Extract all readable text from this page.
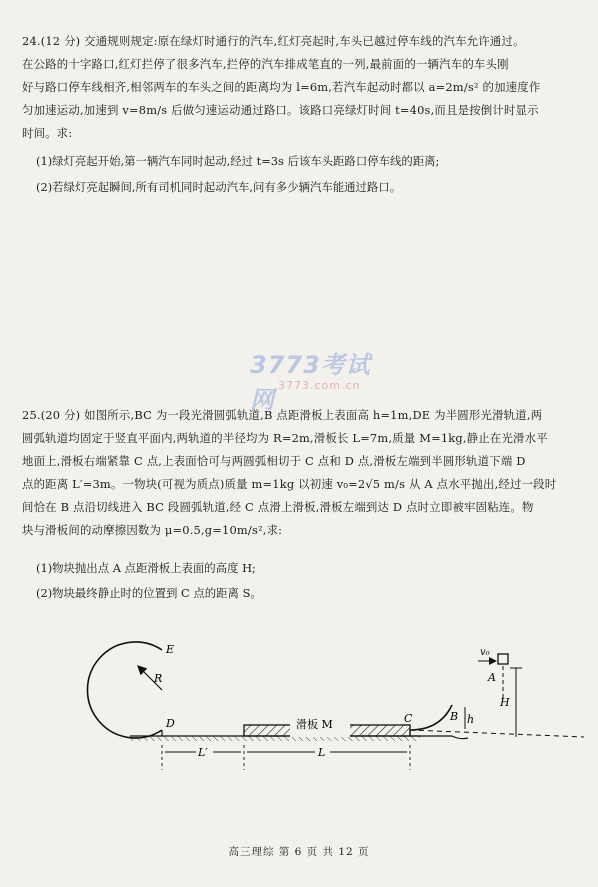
24.(12 分) 交通规则规定:原在绿灯时通行的汽车,红灯亮起时,车头已越过停车线的汽车允许通过。
在公路的十字路口,红灯拦停了很多汽车,拦停的汽车排成笔直的一列,最前面的一辆汽车的车头刚
好与路口停车线相齐,相邻两车的车头之间的距离均为 l=6m,若汽车起动时都以 a=2m/s² 的加速度作
匀加速运动,加速到 v=8m/s 后做匀速运动通过路口。该路口亮绿灯时间 t=40s,而且是按倒计时显示
时间。求:
(1)绿灯亮起开始,第一辆汽车同时起动,经过 t=3s 后该车头距路口停车线的距离;
(2)若绿灯亮起瞬间,所有司机同时起动汽车,问有多少辆汽车能通过路口。
3773考试网
3773.com.cn
25.(20 分) 如图所示,BC 为一段光滑圆弧轨道,B 点距滑板上表面高 h=1m,DE 为半圆形光滑轨道,两
圆弧轨道均固定于竖直平面内,两轨道的半径均为 R=2m,滑板长 L=7m,质量 M=1kg,静止在光滑水平
地面上,滑板右端紧靠 C 点,上表面恰可与两圆弧相切于 C 点和 D 点,滑板左端到半圆形轨道下端 D
点的距离 L′=3m。一物块(可视为质点)质量 m=1kg 以初速 v₀=2√5 m/s 从 A 点水平抛出,经过一段时
间恰在 B 点沿切线进入 BC 段圆弧轨道,经 C 点滑上滑板,滑板左端到达 D 点时立即被牢固粘连。物
块与滑板间的动摩擦因数为 μ=0.5,g=10m/s²,求:
(1)物块抛出点 A 点距滑板上表面的高度 H;
(2)物块最终静止时的位置到 C 点的距离 S。
E
R
D	C	B h
H
A
v₀
滑板 M
L′	L
高三理综 第 6 页 共 12 页
